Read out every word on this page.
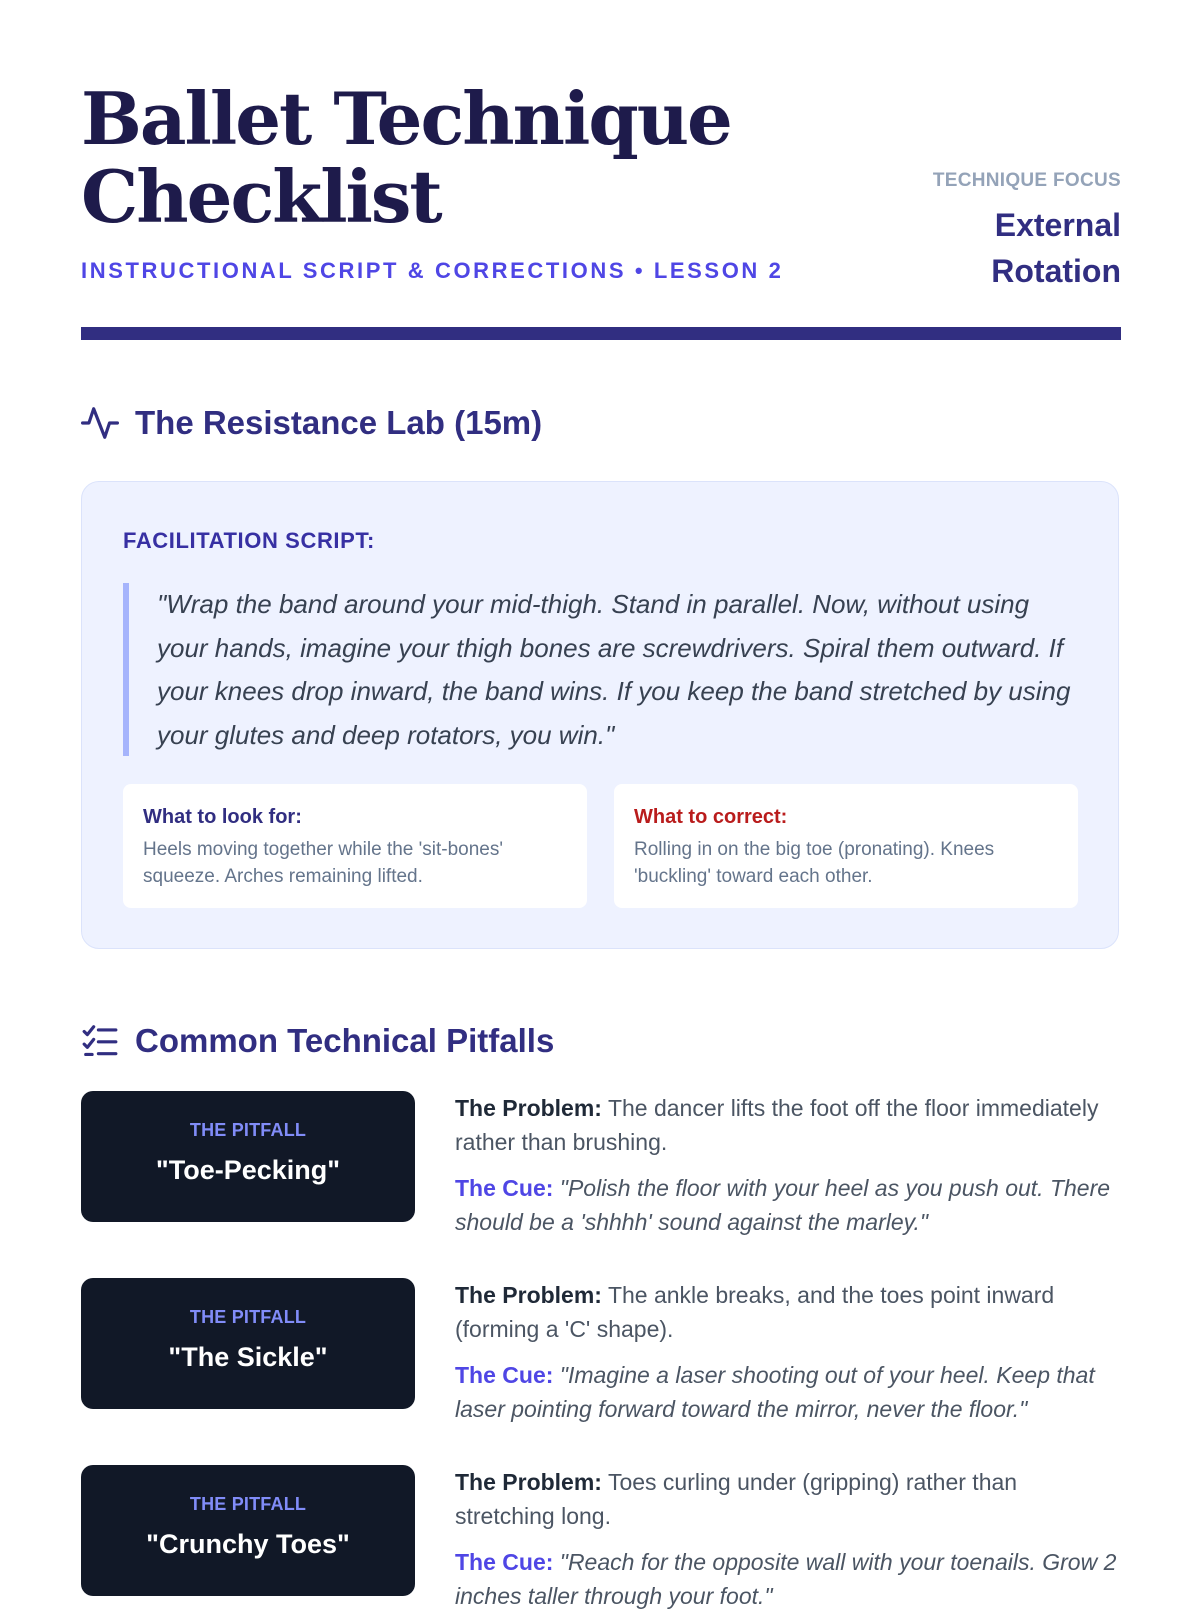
Ballet Technique Checklist
INSTRUCTIONAL SCRIPT & CORRECTIONS • LESSON 2
TECHNIQUE FOCUS
External Rotation
The Resistance Lab (15m)
FACILITATION SCRIPT:
"Wrap the band around your mid-thigh. Stand in parallel. Now, without using your hands, imagine your thigh bones are screwdrivers. Spiral them outward. If your knees drop inward, the band wins. If you keep the band stretched by using your glutes and deep rotators, you win."
What to look for:
Heels moving together while the 'sit-bones' squeeze. Arches remaining lifted.
What to correct:
Rolling in on the big toe (pronating). Knees 'buckling' toward each other.
Common Technical Pitfalls
THE PITFALL
"Toe-Pecking"

The Problem: The dancer lifts the foot off the floor immediately rather than brushing.

The Cue: "Polish the floor with your heel as you push out. There should be a 'shhhh' sound against the marley."

THE PITFALL
"The Sickle"

The Problem: The ankle breaks, and the toes point inward (forming a 'C' shape).

The Cue: "Imagine a laser shooting out of your heel. Keep that laser pointing forward toward the mirror, never the floor."

THE PITFALL
"Crunchy Toes"

The Problem: Toes curling under (gripping) rather than stretching long.

The Cue: "Reach for the opposite wall with your toenails. Grow 2 inches taller through your foot."
